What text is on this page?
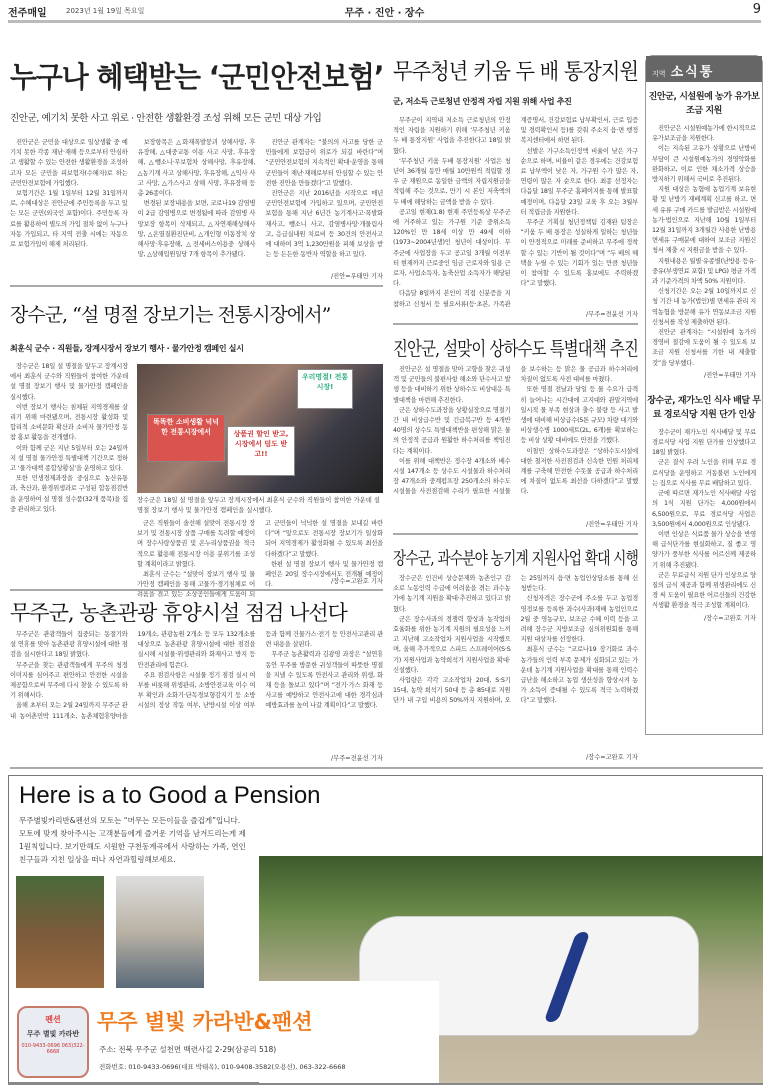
전주매일	2023년 1월 19일 목요일	무주 · 진안 · 장수	9
누구나 혜택받는 ‘군민안전보험’
진안군, 예기치 못한 사고 위로 · 안전한 생활환경 조성 위해 모든 군민 대상 가입

진안군은 군민을 대상으로 일상생활 중 예기치 못한 각종 재난·재해 등으로부터 안심하고 생활할 수 있는 안전한 생활환경을 조성하고자 모든 군민을 피보험자(수혜자)로 하는 군민안전보험에 가입했다.

보험기간은 1월 1일부터 12월 31일까지로, 수혜대상은 진안군에 주민등록을 두고 있는 모든 군민(외국인 포함)이다. 주민등록 자료를 활용하여 별도의 가입 절차 없이 누구나 자동 가입되고, 타 지역 전출 시에는 자동으로 보험가입이 해제 처리된다.

보장항목은 △화재폭발붕괴 상해사망, 후유장해, △대중교통 이용 사고 사망, 후유장해, △뺑소니·무보험차 상해사망, 후유장해, △농기계 사고 상해사망, 후유장해, △익사 사고 사망, △가스사고 상해 사망, 후유장해 등 총 26종이다.

변경된 보장내용을 보면, 코로나19 감염병이 2급 감염병으로 변경됨에 따라 감염병 사망보장 항목이 삭제되고, △자연재해상해사망, △온열질환진단비, △개인형 이동장치 상해사망·후유장해, △전세버스이용중 상해사망, △상해입원일당 7개 항목이 추가됐다.

진안군 관계자는 “불의의 사고를 당한 군민들에게 보험금이 위로가 되길 바란다”며 “군민안전보험의 지속적인 확대·운영을 통해 군민들이 재난·재해로부터 안심할 수 있는 안전한 진안을 만들겠다”고 말했다.

진안군은 지난 2016년을 시작으로 매년 군민안전보험에 가입하고 있으며, 군민안전보험을 통해 지난 6년간 농기계사고·폭발화재사고, 뺑소니 사고, 감염병사망·개물림사고, 응급실내원 치료비 등 30건의 안전사고에 대하여 3억 1,230만원을 피해 보상을 받는 등 든든한 동반자 역할을 하고 있다.

/진안=우태만 기자
장수군, “설 명절 장보기는 전통시장에서”
최훈식 군수 · 직원들, 장계시장서 장보기 행사 · 물가안정 캠페인 실시

장수군은 18일 설 명절을 앞두고 장계시장에서 최훈식 군수와 직원들이 참여한 가운데 설 명절 장보기 행사 및 물가안정 캠페인을 실시했다.

이번 장보기 행사는 침체된 지역경제를 살리기 위해 마련됐으며, 전통시장 활성화 및 합리적 소비문화 확산과 소비자 물가안정 동참 홍보 활동을 전개했다.

이와 함께 군은 지난 5일부터 오는 24일까지 설 명절 물가안정 특별대책 기간으로 정하고 ‘물가대책 종합상황실’을 운영하고 있다.

또한 민생경제과장을 중심으로 농산유통과, 축산과, 환경위생과로 구성된 합동점검반을 운영하여 설 명절 성수품(32개 품목)을 집중 관리하고 있다.

똑똑한 소비생활 넉넉한 전통시장에서	상품권 할인 받고, 시장에서 덤도 받고!!
우리명절! 전통시장!
장수군은 18일 설 명절을 앞두고 장계시장에서 최훈식 군수와 직원들이 참여한 가운데 설 명절 장보기 행사 및 물가안정 캠페인을 실시했다.

군은 직원들이 솔선해 설맞이 전통시장 장보기 및 전통시장 상품 구매를 독려할 예정이며 장수사랑상품권 및 온누리상품권을 적극적으로 활용해 전통시장 이용 분위기를 조성할 계획이라고 밝혔다.

최훈식 군수는 “설맞이 장보기 행사 및 물가안정 캠페인을 통해 고물가·경기침체로 어려움을 겪고 있는 소상공인들에게 도움이 되고 군민들이 넉넉한 설 명절을 보내길 바란다”며 “앞으로도 전통시장 장보기가 일상화되어 지역경제가 활성화될 수 있도록 최선을 다하겠다”고 말했다.

한편 설 명절 장보기 행사 및 물가안정 캠페인은 20일 장수시장에서도 전개될 예정이다.	/장수=고완호 기자
무주군, 농촌관광 휴양시설 점검 나선다

무주군은 관광객들이 집중되는 동절기와 설 연휴를 맞아 농촌관광 휴양시설에 대한 점검을 실시한다고 18일 밝혔다.

무주군을 찾는 관광객들에게 무주의 청정 이미지를 심어주고 편안하고 안전한 시설을 제공함으로써 무주에 다시 찾을 수 있도록 하기 위해서다.

올해 초부터 오는 2월 24일까지 무주군 관내 농어촌민박 111개소, 농촌체험휴양마을 19개소, 관광농원 2개소 등 모두 132개소를 대상으로 농촌관광 휴양시설에 대한 점검을 실시해 시설물·위생관리와 화재사고 방지 등 안전관리에 힘쓴다.

주요 점검사항은 시설물 정기 점검 실시 여부를 비롯해 위생관리, 소방안전교육 이수 여부 확인과 소화기·단독경보형감지기 등 소방시설의 정상 작동 여부, 난방시설 이상 여부 등과 함께 건물가스·전기 등 안전사고관리 관련 내용을 살핀다.

무주군 농촌활력과 김광영 과장은 “설연휴 동안 무주를 방문한 귀성객들이 따뜻한 명절을 지낼 수 있도록 안전사고 관리와 위생, 화재 등을 돌보고 있다”며 “전기·가스 화재 등 사고를 예방하고 안전사고에 대한 경각심과 예방효과를 높여 나갈 계획이다”고 말했다.

/무주=전윤선 기자
무주청년 키움 두 배 통장지원
군, 저소득 근로청년 안정적 자립 지원 위해 사업 추진

무주군이 지역내 저소득 근로청년의 안정적인 자립을 지원하기 위해 ‘무주청년 키움 두 배 통장지원’ 사업을 추진한다고 18일 밝혔다.

‘무주청년 키움 두배 통장지원’ 사업은 청년이 36개월 동안 매월 10만원씩 적립할 경우 군 재원으로 동일한 금액의 자립지원금을 적립해 주는 것으로, 만기 시 본인 저축액의 두 배에 해당하는 금액을 받을 수 있다.

공고일 현재(1.8) 현재 주민등록상 무주군에 거주하고 있는 가구원 기준 중위소득 120%인 만 18세 이상 만 49세 이하(1973~2004년생)인 청년이 대상이다. 무주군에 사업장을 두고 공고일 3개월 이전부터 현재까지 근로중인 임금 근로자와 일용 근로자, 사업소득자, 농축산업 소득자가 해당된다.

다음달 8일까지 본인이 직접 신분증을 지참하고 신청서 등 필요서류(등·초본, 가족관계증명서, 건강보험료 납부확인서, 근로 입증 및 경력확인서 등)를 갖춰 주소지 읍·면 행정복지센터에서 하면 된다.

선발은 가구소득인정액 비율이 낮은 가구 순으로 하며, 비율이 같은 경우에는 건강보험료 납부액이 낮은 자, 가구원 수가 많은 자, 연령이 많은 자 순으로 한다. 최종 선정자는 다음달 18일 무주군 홈페이지를 통해 발표할 예정이며, 다음달 23일 교육 후 오는 3월부터 적립금을 지원한다.

무주군 기획실 청년정책팀 김재완 팀장은 “키움 두 배 통장은 성실하게 일하는 청년들이 안정적으로 미래를 준비하고 무주에 정착할 수 있는 기반이 될 것이다”며 “두 배의 혜택을 누릴 수 있는 기회가 있는 만큼 청년들이 참여할 수 있도록 홍보에도 주력하겠다”고 말했다.

/무주=전윤선 기자
진안군, 설맞이 상하수도 특별대책 추진

진안군은 설 명절을 맞아 고향을 찾은 귀성객 및 군민들의 불편사항 해소와 단수사고 발생 등을 대비하기 위한 상하수도 비상대응 특별대책을 마련해 추진한다.

군은 상하수도과장을 상황실장으로 명절기간 내 비상급수반 및 긴급복구반 등 4개반 40명의 상수도 특별대책반을 편성해 맑은 물의 안정적 공급과 원활한 하수처리를 책임진다는 계획이다.

이를 위해 대책반은 정수장 4개소와 배수시설 147개소 등 상수도 시설물과 하수처리장 47개소와 중계펌프장 250개소의 하수도 시설물을 사전점검해 수리가 필요한 시설물을 보수하는 등 맑은 물 공급과 하수처리에 차질이 없도록 사전 대비를 마쳤다.

또한 명절 전날과 당일 등 물 수요가 급격히 늘어나는 시간대에 고지대와 관말지역에 일시적 물 부족 현상과 출수 불량 등 사고 발생에 대비해 비상급수(5톤 규모) 차량 대기와 비상생수병 1000세트(2L, 6개)를 확보하는 등 비상 상황 대비에도 만전을 기했다.

이철민 상하수도과장은 “상하수도시설에 대한 철저한 사전점검과 신속한 민원 처리체계를 구축해 안전한 수돗물 공급과 하수처리에 차질이 없도록 최선을 다하겠다”고 말했다.

/진안=우태만 기자
장수군, 과수분야 농기계 지원사업 확대 시행

장수군은 인건비 상승문제와 농촌인구 감소로 노동인력 수급에 어려움을 겪는 과수농가에 농기계 지원을 확대·추진하고 있다고 밝혔다.

군은 장수사과의 경쟁력 향상과 농작업의 효율화를 위한 농기계 지원의 필요성을 느끼고 지난해 고소작업차 지원사업을 시작했으며, 올해 추가적으로 스피드 스프레이어(S·S기) 지원사업과 농약희석기 지원사업을 확대·신설했다.

사업량은 각각 고소작업차 20대, S·S기 15대, 농약 희석기 50대 등 총 85대로 지원 단가 내 구입 비용의 50%까지 지원하며, 오는 25일까지 읍·면 농업인상담소를 통해 신청받는다.

신청자격은 장수군에 주소를 두고 농업경영정보를 등록한 과수(사과)재배 농업인으로 2월 중 영농규모, 보조금 수혜 이력 등을 고려해 장수군 지방보조금 심의위원회를 통해 지원 대상자를 선정한다.

최훈식 군수는 “코로나19 장기화로 과수농가들의 인력 부족 문제가 심화되고 있는 가운데 농기계 지원사업을 확대를 통해 인력수급난을 해소하고 농업 생산성을 향상시켜 농가 소득이 증대될 수 있도록 적극 노력하겠다”고 말했다.

/장수=고완호 기자
지역 소식통
진안군, 시설원예 농가 유가보조금 지원

진안군은 시설원예농가에 한시적으로 유가보조금을 지원한다.

이는 지속된 고유가 상황으로 난방비 부담이 큰 시설원예농가의 경영악화를 완화하고, 이로 인한 채소가격 상승을 방지하기 위해서 국비로 추진된다.

지원 대상은 농협에 농업기계 보유현황 및 난방기 재배계획 신고를 하고, 면세 유류 구매 카드를 발급받은 시설원예 농가·법인으로 지난해 10월 1일부터 12월 31일까지 3개월간 사용한 난방용 면세유 구매분에 대하여 보조금 지원신청서 제출 시 지원금을 받을 수 있다.

지원내용은 월별·유종별(난방용 등유·중유(부생연료 포함) 및 LPG) 평균 가격과 기준가격의 차액 50% 지원이다.

신청기간은 오는 2월 10일까지로 신청 기간 내 농가(법인)별 면세유 관리 지역농협을 방문해 유가 연동보조금 지원 신청서를 작성 제출하면 된다.

진안군 관계자는 “시설원예 농가의 경영비 절감에 도움이 될 수 있도록 보조금 지원 신청서를 기한 내 제출할 것”을 당부했다.

/진안=우태만 기자
장수군, 재가노인 식사 배달 무료 경로식당 지원 단가 인상

장수군이 재가노인 식사배달 및 무료 경로식당 사업 지원 단가를 인상했다고 18일 밝혔다.

군은 결식 우려 노인을 위해 무료 경로식당을 운영하고 거동불편 노인에게는 집으로 식사를 무료 배달하고 있다.

군에 따르면 재가노인 식사배달 사업의 1식 지원 단가는 4,000원에서 6,500원으로, 무료 경로식당 사업은 3,500원에서 4,000원으로 인상됐다.

이번 인상은 식료품 물가 상승을 반영해 급식단가를 현실화하고, 질 좋고 영양가가 풍부한 식사를 어르신께 제공하기 위해 추진됐다.

군은 무료급식 지원 단가 인상으로 양질의 급식 제공과 함께 위생관리에도 신경 써 도움이 필요한 어르신들의 건강한 식생활 환경을 적극 조성할 계획이다.

/장수=고완호 기자
Here is a to Good a Pension
무주별빛카리반&펜션의 모토는 “머무는 모든이들을 즐겁게”입니다. 모토에 맞게 찾아주시는 고객분들에게 즐거운 기억을 남겨드리는게 제1원칙입니다. 보기만해도 시원한 구천동계곡에서 사랑하는 가족, 연인 친구들과 지친 일상을 떠나 자연과힐링해보세요.
펜션
무주 별빛 카라반
010-9433-0696 063)322-6668
무주 별빛 카라반&팬션
주소: 전북 무주군 설천면 백련사길 2-29(삼공리 518)
전화번호: 010-9433-0696(대표 박태옥), 010-9408-3582(오용선), 063-322-6668
